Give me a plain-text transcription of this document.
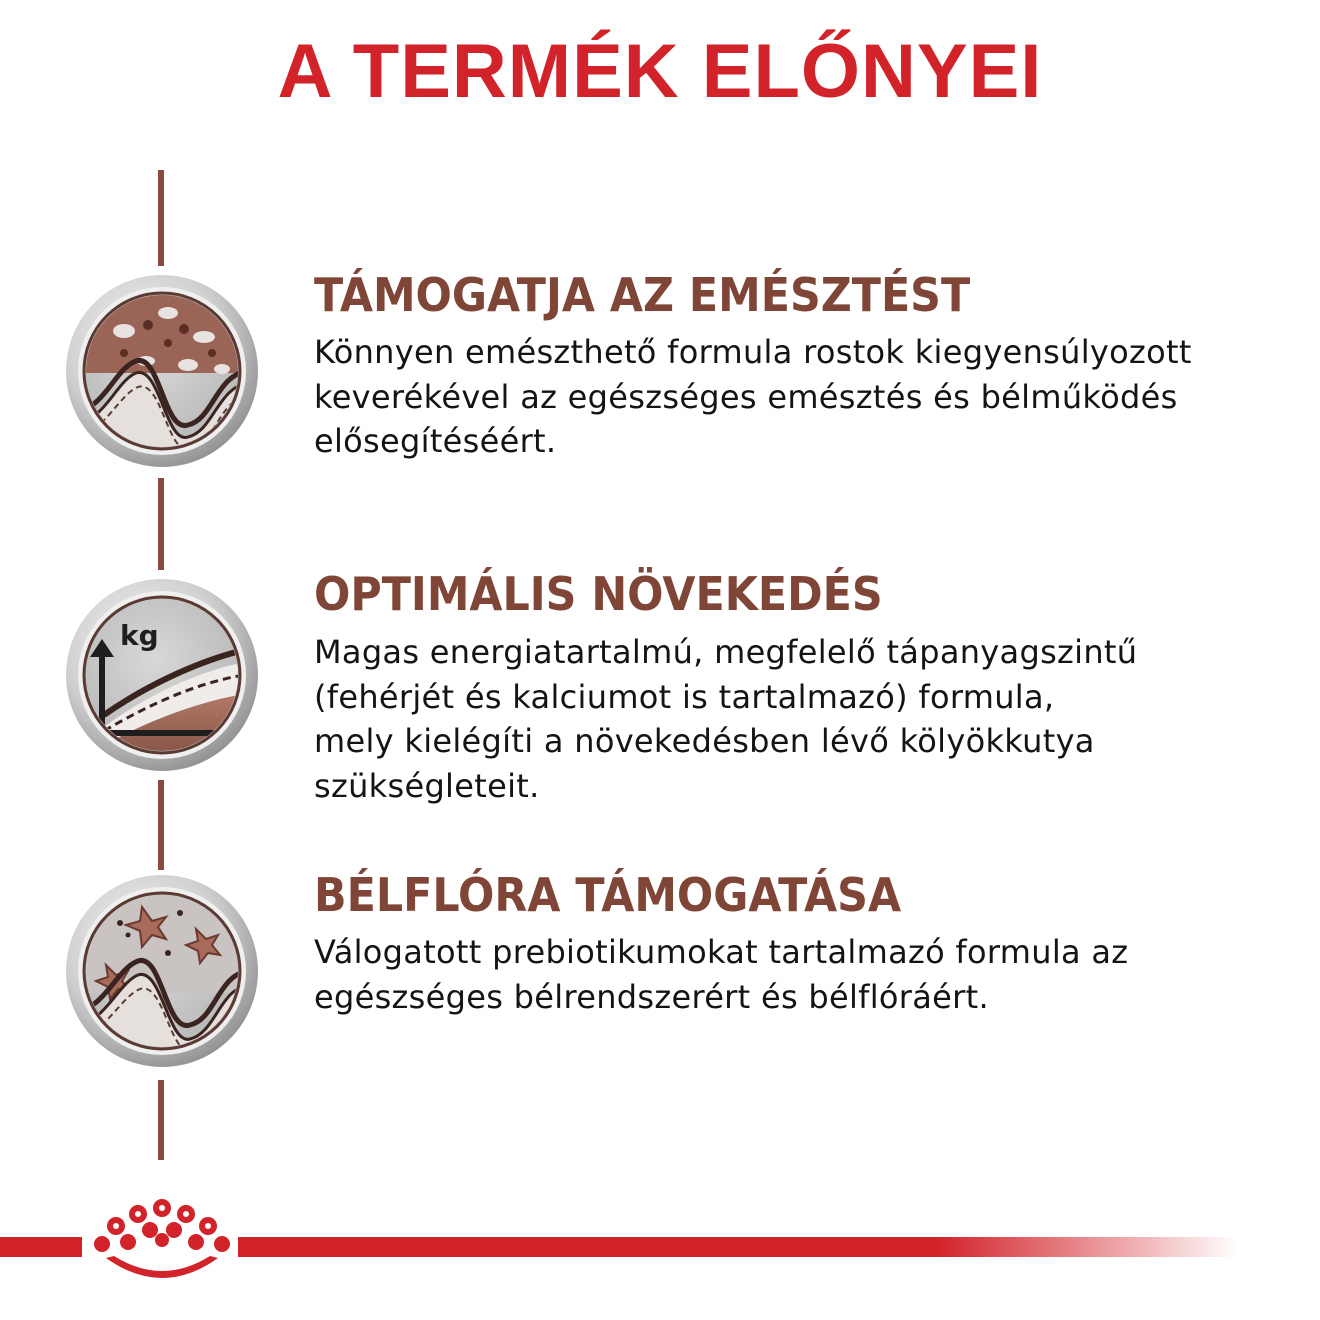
A TERMÉK ELŐNYEI
TÁMOGATJA AZ EMÉSZTÉST

Könnyen emészthető formula rostok kiegyensúlyozott
keverékével az egészséges emésztés és bélműködés
elősegítéséért.

kg
OPTIMÁLIS NÖVEKEDÉS

Magas energiatartalmú, megfelelő tápanyagszintű
(fehérjét és kalciumot is tartalmazó) formula,
mely kielégíti a növekedésben lévő kölyökkutya
szükségleteit.

BÉLFLÓRA TÁMOGATÁSA

Válogatott prebiotikumokat tartalmazó formula az
egészséges bélrendszerért és bélflóráért.
